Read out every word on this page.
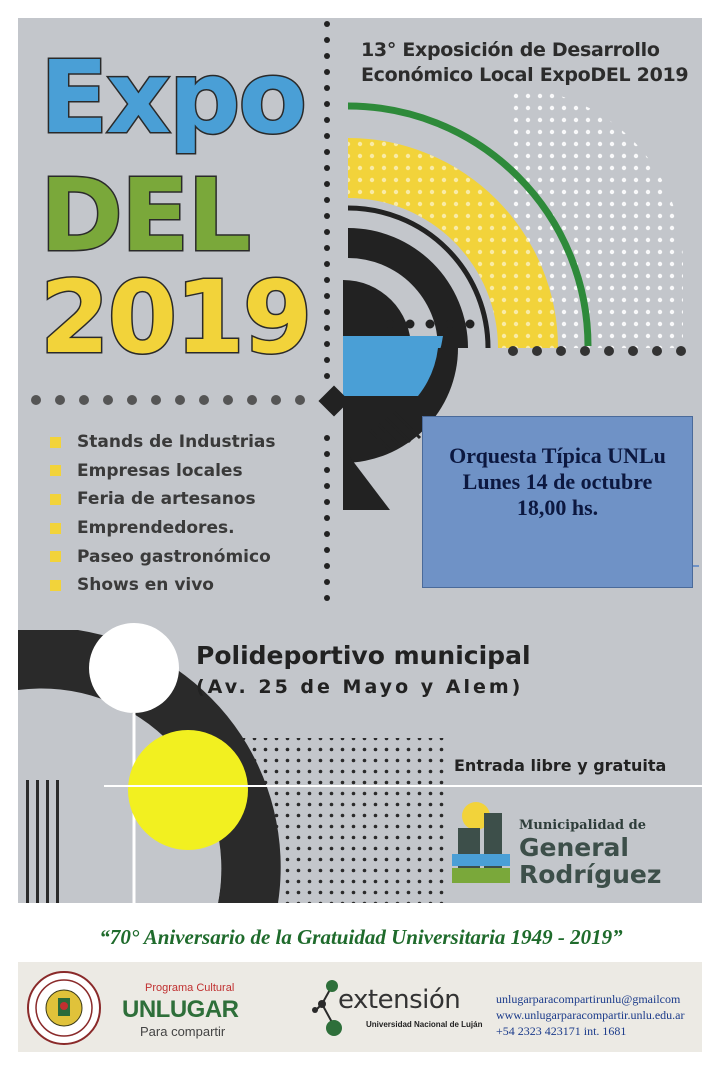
Expo
DEL
2019
13° Exposición de Desarrollo
Económico Local ExpoDEL 2019
Stands de Industrias
Empresas locales
Feria de artesanos
Emprendedores.
Paseo gastronómico
Shows en vivo
Polideportivo municipal
(Av. 25 de Mayo y Alem)
Entrada libre y gratuita
Municipalidad de
General
Rodríguez
Orquesta Típica UNLu
Lunes 14 de octubre
18,00 hs.
“70° Aniversario de la Gratuidad Universitaria 1949 - 2019”
Programa Cultural
UNLUGAR
Para compartir
extensión
Universidad Nacional de Luján
unlugarparacompartirunlu@gmailcom
www.unlugarparacompartir.unlu.edu.ar
+54 2323 423171 int. 1681
